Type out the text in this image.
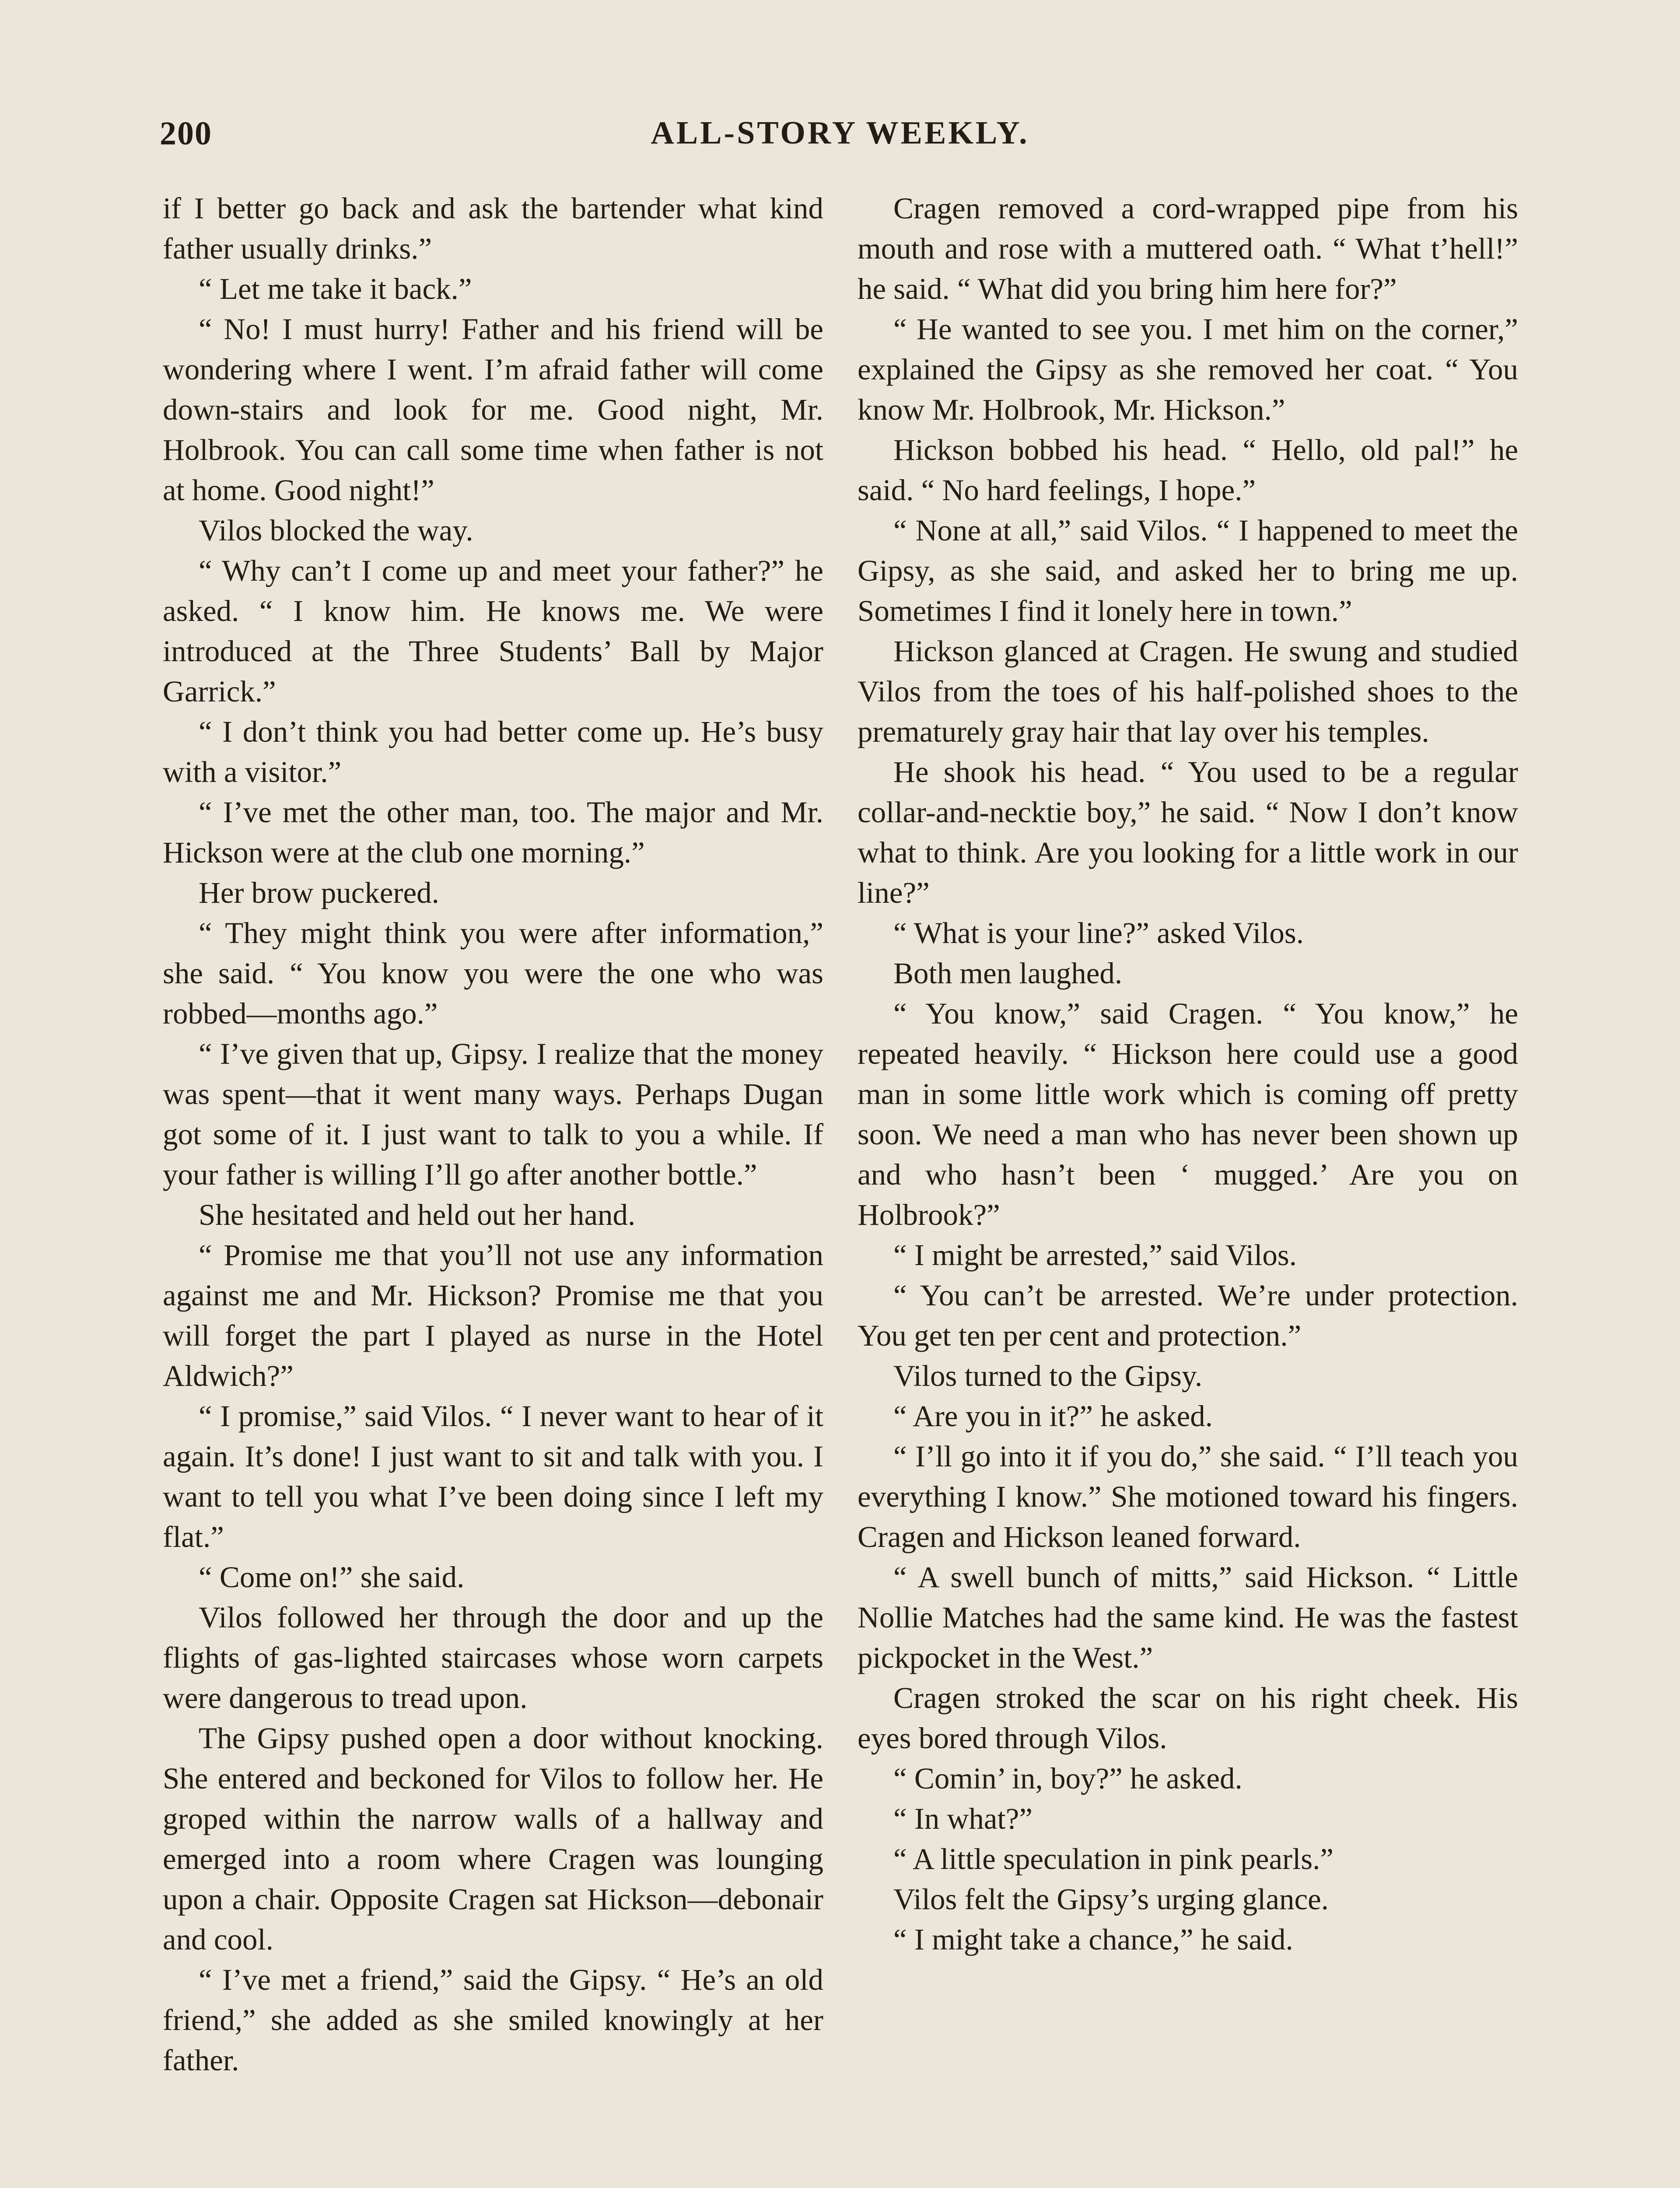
200	ALL-STORY WEEKLY.

if I better go back and ask the bartender what kind father usually drinks.”

“ Let me take it back.”

“ No! I must hurry! Father and his friend will be wondering where I went. I’m afraid father will come down-stairs and look for me. Good night, Mr. Holbrook. You can call some time when father is not at home. Good night!”

Vilos blocked the way.

“ Why can’t I come up and meet your father?” he asked. “ I know him. He knows me. We were introduced at the Three Students’ Ball by Major Garrick.”

“ I don’t think you had better come up. He’s busy with a visitor.”

“ I’ve met the other man, too. The major and Mr. Hickson were at the club one morning.”

Her brow puckered.

“ They might think you were after information,” she said. “ You know you were the one who was robbed—months ago.”

“ I’ve given that up, Gipsy. I realize that the money was spent—that it went many ways. Perhaps Dugan got some of it. I just want to talk to you a while. If your father is willing I’ll go after another bottle.”

She hesitated and held out her hand.

“ Promise me that you’ll not use any information against me and Mr. Hickson? Promise me that you will forget the part I played as nurse in the Hotel Aldwich?”

“ I promise,” said Vilos. “ I never want to hear of it again. It’s done! I just want to sit and talk with you. I want to tell you what I’ve been doing since I left my flat.”

“ Come on!” she said.

Vilos followed her through the door and up the flights of gas-lighted staircases whose worn carpets were dangerous to tread upon.

The Gipsy pushed open a door without knocking. She entered and beckoned for Vilos to follow her. He groped within the narrow walls of a hallway and emerged into a room where Cragen was lounging upon a chair. Opposite Cragen sat Hickson—debonair and cool.

“ I’ve met a friend,” said the Gipsy. “ He’s an old friend,” she added as she smiled knowingly at her father.

Cragen removed a cord-wrapped pipe from his mouth and rose with a muttered oath. “ What t’hell!” he said. “ What did you bring him here for?”

“ He wanted to see you. I met him on the corner,” explained the Gipsy as she removed her coat. “ You know Mr. Holbrook, Mr. Hickson.”

Hickson bobbed his head. “ Hello, old pal!” he said. “ No hard feelings, I hope.”

“ None at all,” said Vilos. “ I happened to meet the Gipsy, as she said, and asked her to bring me up. Sometimes I find it lonely here in town.”

Hickson glanced at Cragen. He swung and studied Vilos from the toes of his half-polished shoes to the prematurely gray hair that lay over his temples.

He shook his head. “ You used to be a regular collar-and-necktie boy,” he said. “ Now I don’t know what to think. Are you looking for a little work in our line?”

“ What is your line?” asked Vilos.

Both men laughed.

“ You know,” said Cragen. “ You know,” he repeated heavily. “ Hickson here could use a good man in some little work which is coming off pretty soon. We need a man who has never been shown up and who hasn’t been ‘ mugged.’ Are you on Holbrook?”

“ I might be arrested,” said Vilos.

“ You can’t be arrested. We’re under protection. You get ten per cent and protection.”

Vilos turned to the Gipsy.

“ Are you in it?” he asked.

“ I’ll go into it if you do,” she said. “ I’ll teach you everything I know.” She motioned toward his fingers. Cragen and Hickson leaned forward.

“ A swell bunch of mitts,” said Hickson. “ Little Nollie Matches had the same kind. He was the fastest pickpocket in the West.”

Cragen stroked the scar on his right cheek. His eyes bored through Vilos.

“ Comin’ in, boy?” he asked.

“ In what?”

“ A little speculation in pink pearls.”

Vilos felt the Gipsy’s urging glance.

“ I might take a chance,” he said.
